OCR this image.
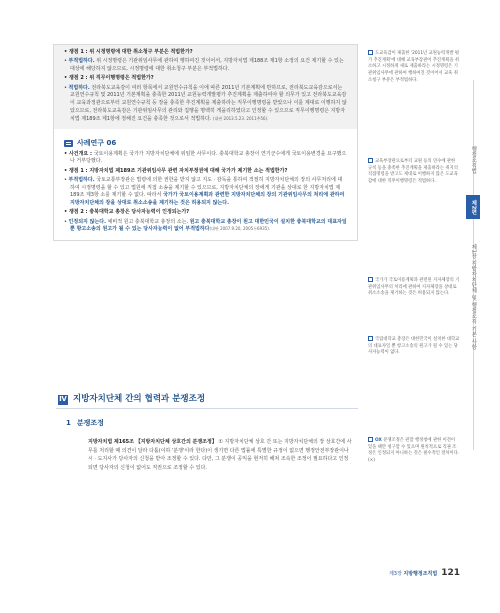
• 쟁점 1 : 위 시정명령에 대한 취소청구 부분은 적법한가?

• 부적법하다. 위 시정명령은 기관위임사무에 관하여 행하여진 것이어서, 지방자치법 제188조 제1항 소정의 요건 제기할 수 있는 대상에 해당하지 않으므로, 시정명령에 대한 취소청구 부분은 부적법하다.

• 쟁점 2 : 위 직무이행명령은 적법한가?

• 적법하다. 전라북도교육감이 여러 항목에서 교원연수규칙을 이에 따른 2011년 기본계획에 반하므로, 전라북도교육감으로서는 교원연수규칙 및 2011년 기본계획을 충족한 2011년 교원능력개발평가 추진계획을 제출하여야 할 의무가 있고 전라북도교육감이 교육과정관으로부터 교원연수규칙 등 장을 충족한 추진계획을 제출하라는 직무이행명령을 받았으나 이를 제대로 이행하지 않았으므로, 전라북도교육감은 기관위임사무의 관리와 집행을 명백히 게을리하였다고 인정할 수 있으므로 직무이행명령은 지방자치법 제189조 제1항에 정해진 요건을 충족한 것으로서 적법하다. (대판 2013.5.23. 2011추56).

사례연구 06

• 사건개요 : 국토이용계획은 국가가 지방자치단체에 위임한 사무이다. 충북대학교 총장이 연기군수에게 국토이용변경을 요구했으나 거부당했다.

• 쟁점 1 : 지방자치법 제189조 기관위임사무 관련 자치부정권에 대해 국가가 제기한 소는 적법한가?

• 부적법하다. 국토교통부장관은 법령에 의한 권한을 받지 않고 지도 · 감독을 통하여 적절히 지방자치단체의 장의 사무처리에 대하여 시정명령을 할 수 있고 법원에 직접 소송을 제기할 수 있으므로, 지방자치단체의 장에게 기관을 상대로 한 지방자치법 제189조 제3항 소를 제기할 수 없다. 따라서 국가가 국토이용계획과 관련한 지방자치단체의 장의 기관위임사무의 처리에 관하여 지방자치단체의 장을 상대로 취소소송을 제기하는 것은 허용되지 않는다.

• 쟁점 2 : 충북대학교 총장은 당사자능력이 인정되는가?

• 인정되지 않는다. 예비적 원고 충북대학교 총장의 소는, 원고 충북대학교 총장이 원고 대한민국이 설치한 충북대학교의 대표자일 뿐 항고소송의 원고가 될 수 있는 당사자능력이 없어 부적법하다(대판 2007.9.20, 2005두6935).

Ⅳ 지방자치단체 간의 협력과 분쟁조정
1 분쟁조정

지방자치법 제165조 【지방자치단체 상호간의 분쟁조정】 ① 지방자치단체 상호 간 또는 지방자치단체의 장 상호간에 사무를 처리할 때 의견이 달라 다툼(이하 '분쟁'이라 한다)이 생기면 다른 법률에 특별한 규정이 없으면 행정안전부장관이나 시 · 도지사가 당사자의 신청을 받아 조정할 수 있다. 다만, 그 분쟁이 공익을 현저히 해쳐 조속한 조정이 필요하다고 인정되면 당사자의 신청이 없어도 직권으로 조정할 수 있다.

도교육감이 제출한 '2011년 교원능력개발 평가 추진계획'에 대해 교육부장관이 추진계획을 취소하고 시정하게 새로 제출하라는 시정명령은 기관위임사무에 관하여 행하여진 것이어서 교육 취소청구 부분은 부적법하다.

교육부장관으로부터 교원 등의 연수에 관한 규칙 등을 충족한 추진계획을 제출하라는 취지의 직접명령을 받고도 제대로 이행하지 않은 도교육감에 대한 직무이행명령은 적법하다.

국가가 국토이용계획과 관련된 지자체장의 기관위임사무의 처리에 관하여 지자체장을 상대로 취소소송을 제기하는 것은 허용되지 않는다.

국립대학교 총장은 대한민국이 설치한 대학교의 대표자일 뿐 항고소송의 원고가 될 수 있는 당사자능력이 없다.

OX 분쟁조정은 관할 행정청에 관한 이견이 있을 때만 청구할 수 있으며 원칙적으로 직권 조정은 인정되지 아니하는 것은 필수적인 절차이다. (×)

행정조직법
제2편
제1장 지방자치단체 및 행정조직 기본 사항
제3장 지방행정조직법 121
